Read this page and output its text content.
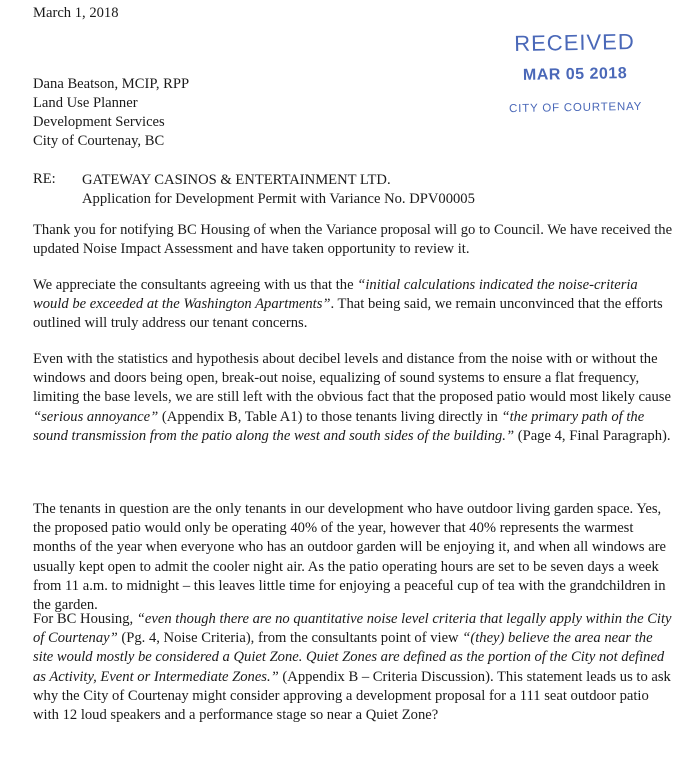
March 1, 2018
RECEIVED
MAR 05 2018
CITY OF COURTENAY
Dana Beatson, MCIP, RPP
Land Use Planner
Development Services
City of Courtenay, BC
RE: GATEWAY CASINOS & ENTERTAINMENT LTD.
Application for Development Permit with Variance No. DPV00005

Thank you for notifying BC Housing of when the Variance proposal will go to Council. We have received the updated Noise Impact Assessment and have taken opportunity to review it.

We appreciate the consultants agreeing with us that the “initial calculations indicated the noise-criteria would be exceeded at the Washington Apartments”. That being said, we remain unconvinced that the efforts outlined will truly address our tenant concerns.

Even with the statistics and hypothesis about decibel levels and distance from the noise with or without the windows and doors being open, break-out noise, equalizing of sound systems to ensure a flat frequency, limiting the base levels, we are still left with the obvious fact that the proposed patio would most likely cause “serious annoyance” (Appendix B, Table A1) to those tenants living directly in “the primary path of the sound transmission from the patio along the west and south sides of the building.” (Page 4, Final Paragraph).

The tenants in question are the only tenants in our development who have outdoor living garden space. Yes, the proposed patio would only be operating 40% of the year, however that 40% represents the warmest months of the year when everyone who has an outdoor garden will be enjoying it, and when all windows are usually kept open to admit the cooler night air. As the patio operating hours are set to be seven days a week from 11 a.m. to midnight – this leaves little time for enjoying a peaceful cup of tea with the grandchildren in the garden.

For BC Housing, “even though there are no quantitative noise level criteria that legally apply within the City of Courtenay” (Pg. 4, Noise Criteria), from the consultants point of view “(they) believe the area near the site would mostly be considered a Quiet Zone. Quiet Zones are defined as the portion of the City not defined as Activity, Event or Intermediate Zones.” (Appendix B – Criteria Discussion). This statement leads us to ask why the City of Courtenay might consider approving a development proposal for a 111 seat outdoor patio with 12 loud speakers and a performance stage so near a Quiet Zone?
